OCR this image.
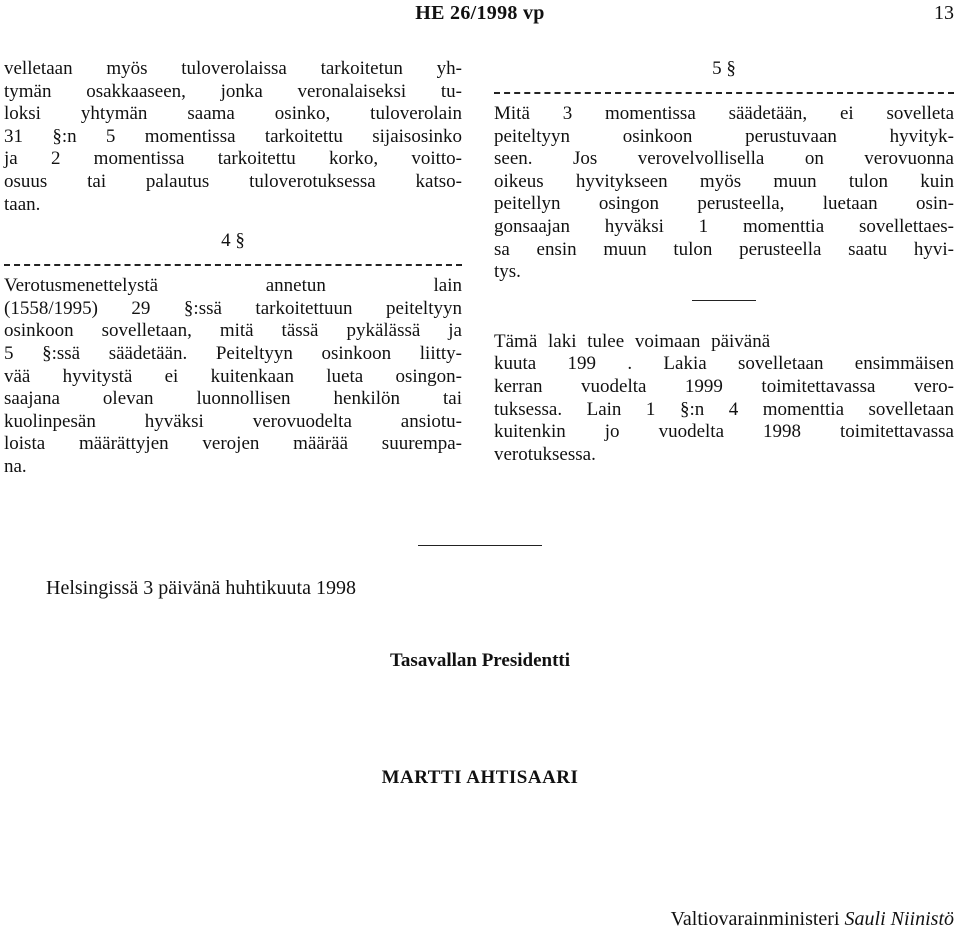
HE 26/1998 vp	13
velletaan myös tuloverolaissa tarkoitetun yh-
tymän osakkaaseen, jonka veronalaiseksi tu-
loksi yhtymän saama osinko, tuloverolain
31 §:n 5 momentissa tarkoitettu sijaisosinko
ja 2 momentissa tarkoitettu korko, voitto-
osuus tai palautus tuloverotuksessa katso-
taan.
4 §
Verotusmenettelystä annetun lain
(1558/1995) 29 §:ssä tarkoitettuun peiteltyyn
osinkoon sovelletaan, mitä tässä pykälässä ja
5 §:ssä säädetään. Peiteltyyn osinkoon liitty-
vää hyvitystä ei kuitenkaan lueta osingon-
saajana olevan luonnollisen henkilön tai
kuolinpesän hyväksi verovuodelta ansiotu-
loista määrättyjen verojen määrää suurempa-
na.
5 §
Mitä 3 momentissa säädetään, ei sovelleta
peiteltyyn osinkoon perustuvaan hyvityk-
seen. Jos verovelvollisella on verovuonna
oikeus hyvitykseen myös muun tulon kuin
peitellyn osingon perusteella, luetaan osin-
gonsaajan hyväksi 1 momenttia sovellettaes-
sa ensin muun tulon perusteella saatu hyvi-
tys.
Tämä laki tulee voimaan päivänä
kuuta 199 . Lakia sovelletaan ensimmäisen
kerran vuodelta 1999 toimitettavassa vero-
tuksessa. Lain 1 §:n 4 momenttia sovelletaan
kuitenkin jo vuodelta 1998 toimitettavassa
verotuksessa.
Helsingissä 3 päivänä huhtikuuta 1998
Tasavallan Presidentti
MARTTI AHTISAARI
Valtiovarainministeri Sauli Niinistö
